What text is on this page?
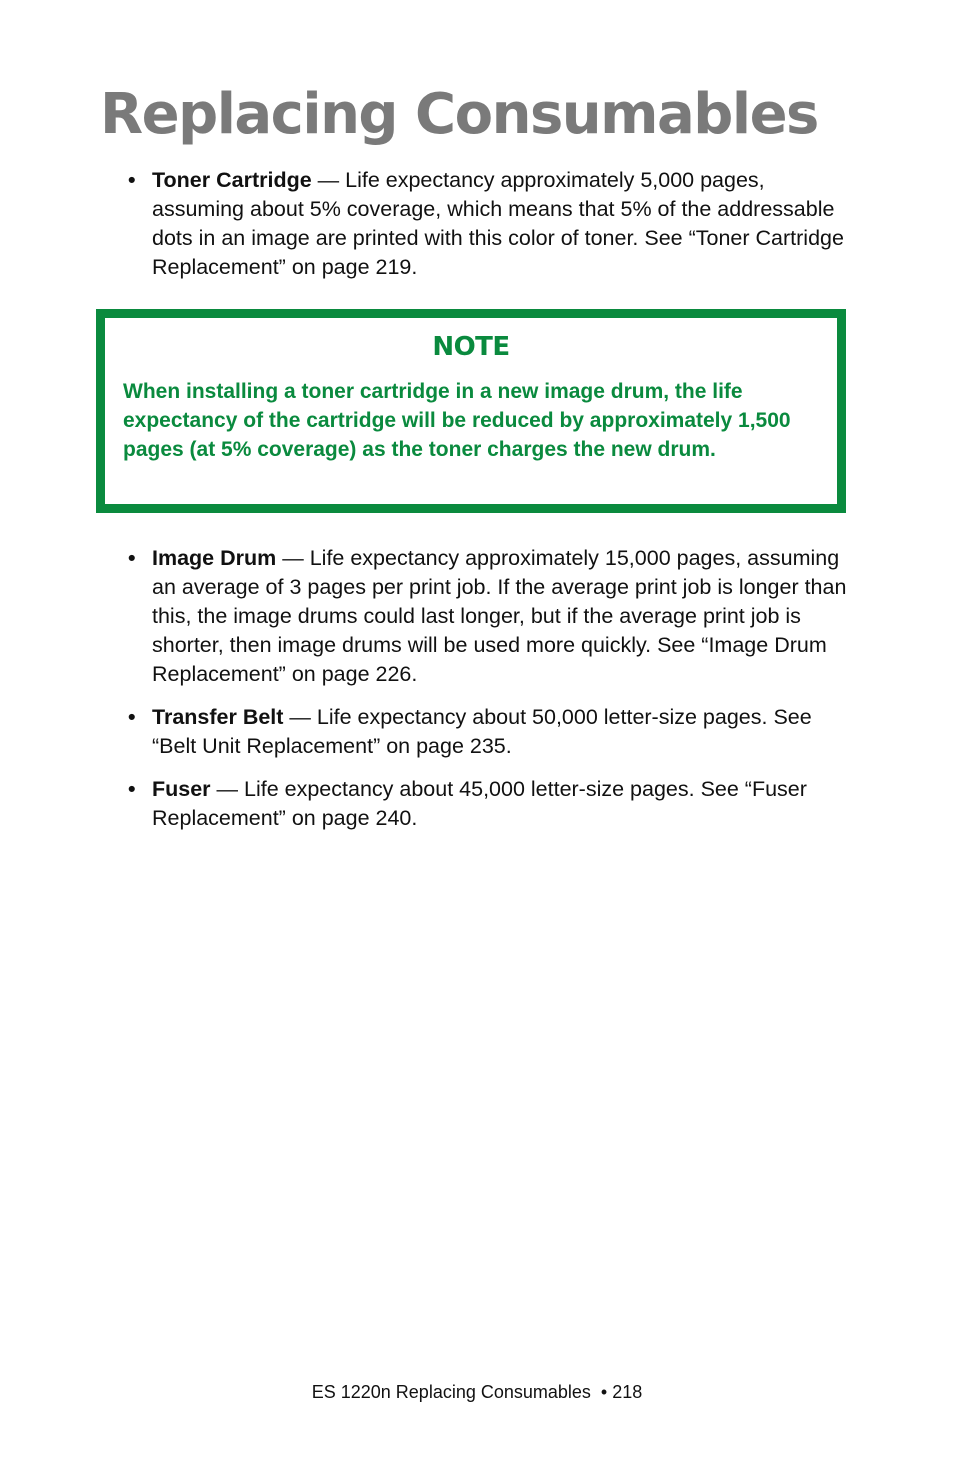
Replacing Consumables
• Toner Cartridge — Life expectancy approximately 5,000 pages, assuming about 5% coverage, which means that 5% of the addressable dots in an image are printed with this color of toner. See “Toner Cartridge Replacement” on page 219.
NOTE
When installing a toner cartridge in a new image drum, the life expectancy of the cartridge will be reduced by approximately 1,500 pages (at 5% coverage) as the toner charges the new drum.
• Image Drum — Life expectancy approximately 15,000 pages, assuming an average of 3 pages per print job. If the average print job is longer than this, the image drums could last longer, but if the average print job is shorter, then image drums will be used more quickly. See “Image Drum Replacement” on page 226.
• Transfer Belt — Life expectancy about 50,000 letter-size pages. See “Belt Unit Replacement” on page 235.
• Fuser — Life expectancy about 45,000 letter-size pages. See “Fuser Replacement” on page 240.
ES 1220n Replacing Consumables  • 218
